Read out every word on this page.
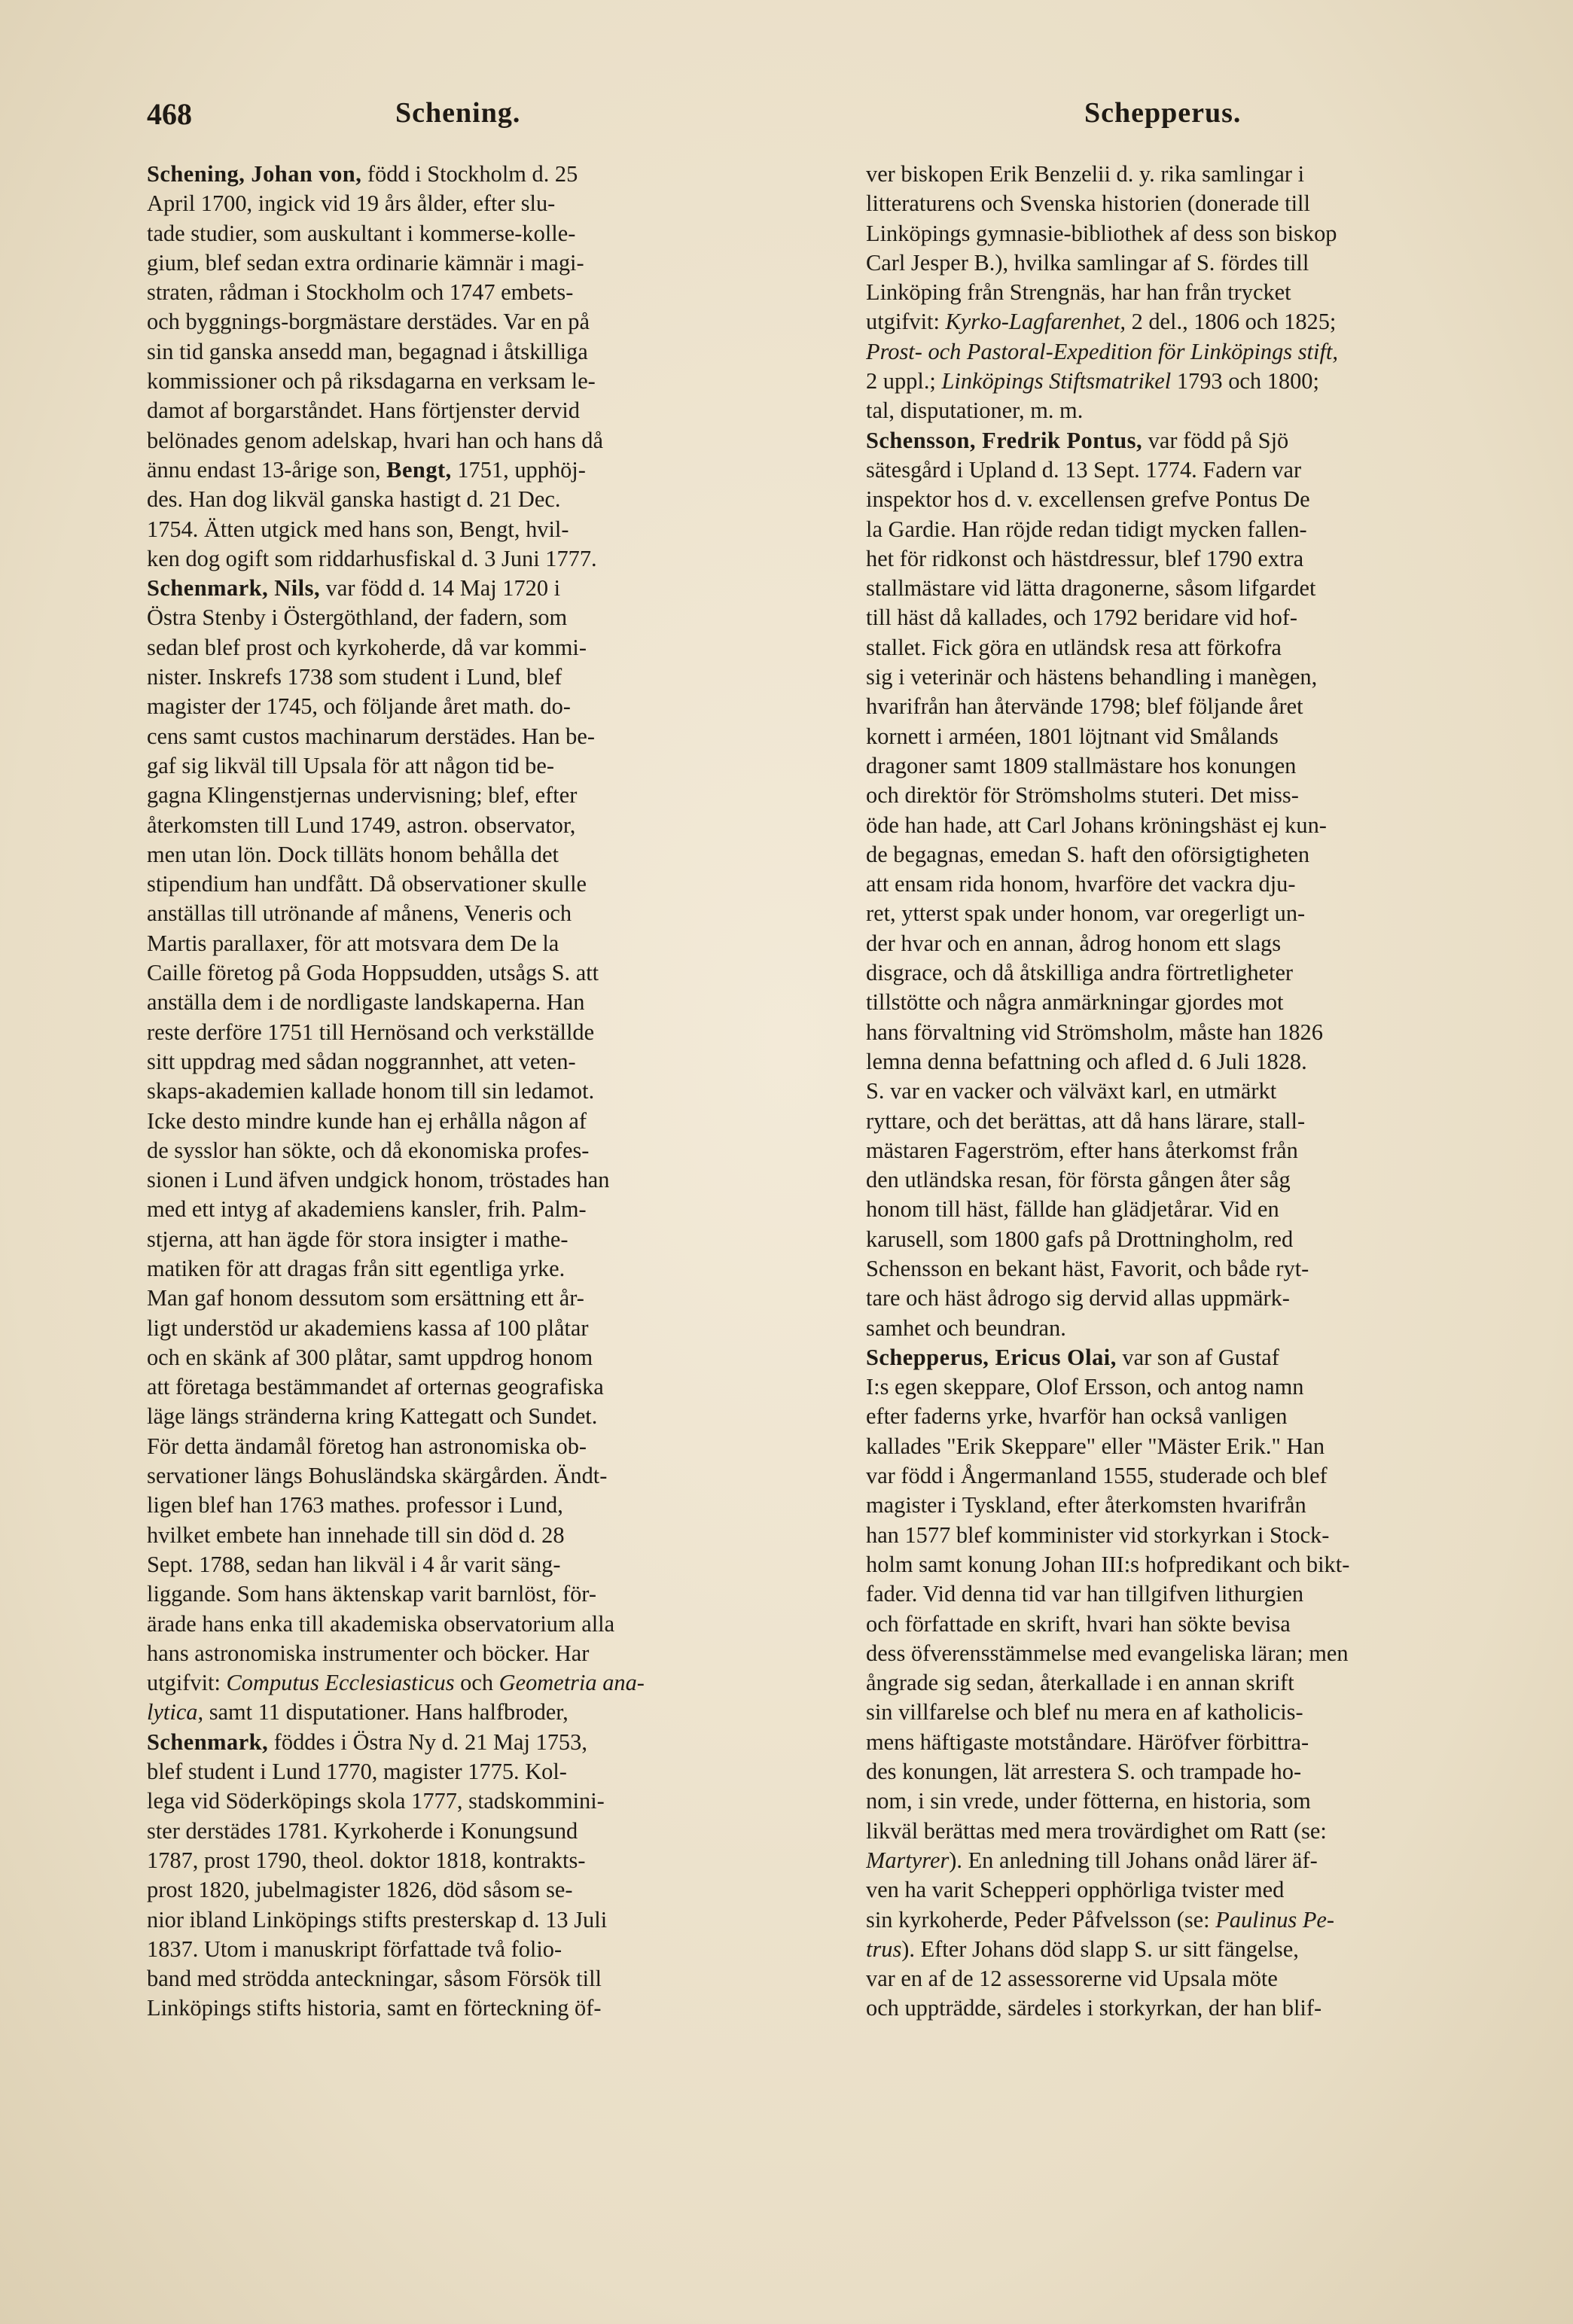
468	Schening.	Schepperus.
Schening, Johan von, född i Stockholm d. 25
April 1700, ingick vid 19 års ålder, efter slu-
tade studier, som auskultant i kommerse-kolle-
gium, blef sedan extra ordinarie kämnär i magi-
straten, rådman i Stockholm och 1747 embets-
och byggnings-borgmästare derstädes. Var en på
sin tid ganska ansedd man, begagnad i åtskilliga
kommissioner och på riksdagarna en verksam le-
damot af borgarståndet. Hans förtjenster dervid
belönades genom adelskap, hvari han och hans då
ännu endast 13-årige son, Bengt, 1751, upphöj-
des. Han dog likväl ganska hastigt d. 21 Dec.
1754. Ätten utgick med hans son, Bengt, hvil-
ken dog ogift som riddarhusfiskal d. 3 Juni 1777.
Schenmark, Nils, var född d. 14 Maj 1720 i
Östra Stenby i Östergöthland, der fadern, som
sedan blef prost och kyrkoherde, då var kommi-
nister. Inskrefs 1738 som student i Lund, blef
magister der 1745, och följande året math. do-
cens samt custos machinarum derstädes. Han be-
gaf sig likväl till Upsala för att någon tid be-
gagna Klingenstjernas undervisning; blef, efter
återkomsten till Lund 1749, astron. observator,
men utan lön. Dock tilläts honom behålla det
stipendium han undfått. Då observationer skulle
anställas till utrönande af månens, Veneris och
Martis parallaxer, för att motsvara dem De la
Caille företog på Goda Hoppsudden, utsågs S. att
anställa dem i de nordligaste landskaperna. Han
reste derföre 1751 till Hernösand och verkställde
sitt uppdrag med sådan noggrannhet, att veten-
skaps-akademien kallade honom till sin ledamot.
Icke desto mindre kunde han ej erhålla någon af
de sysslor han sökte, och då ekonomiska profes-
sionen i Lund äfven undgick honom, tröstades han
med ett intyg af akademiens kansler, frih. Palm-
stjerna, att han ägde för stora insigter i mathe-
matiken för att dragas från sitt egentliga yrke.
Man gaf honom dessutom som ersättning ett år-
ligt understöd ur akademiens kassa af 100 plåtar
och en skänk af 300 plåtar, samt uppdrog honom
att företaga bestämmandet af orternas geografiska
läge längs stränderna kring Kattegatt och Sundet.
För detta ändamål företog han astronomiska ob-
servationer längs Bohusländska skärgården. Ändt-
ligen blef han 1763 mathes. professor i Lund,
hvilket embete han innehade till sin död d. 28
Sept. 1788, sedan han likväl i 4 år varit säng-
liggande. Som hans äktenskap varit barnlöst, för-
ärade hans enka till akademiska observatorium alla
hans astronomiska instrumenter och böcker. Har
utgifvit: Computus Ecclesiasticus och Geometria ana-
lytica, samt 11 disputationer. Hans halfbroder,
Schenmark, föddes i Östra Ny d. 21 Maj 1753,
blef student i Lund 1770, magister 1775. Kol-
lega vid Söderköpings skola 1777, stadskommini-
ster derstädes 1781. Kyrkoherde i Konungsund
1787, prost 1790, theol. doktor 1818, kontrakts-
prost 1820, jubelmagister 1826, död såsom se-
nior ibland Linköpings stifts presterskap d. 13 Juli
1837. Utom i manuskript författade två folio-
band med strödda anteckningar, såsom Försök till
Linköpings stifts historia, samt en förteckning öf-
ver biskopen Erik Benzelii d. y. rika samlingar i
litteraturens och Svenska historien (donerade till
Linköpings gymnasie-bibliothek af dess son biskop
Carl Jesper B.), hvilka samlingar af S. fördes till
Linköping från Strengnäs, har han från trycket
utgifvit: Kyrko-Lagfarenhet, 2 del., 1806 och 1825;
Prost- och Pastoral-Expedition för Linköpings stift,
2 uppl.; Linköpings Stiftsmatrikel 1793 och 1800;
tal, disputationer, m. m.
Schensson, Fredrik Pontus, var född på Sjö
sätesgård i Upland d. 13 Sept. 1774. Fadern var
inspektor hos d. v. excellensen grefve Pontus De
la Gardie. Han röjde redan tidigt mycken fallen-
het för ridkonst och hästdressur, blef 1790 extra
stallmästare vid lätta dragonerne, såsom lifgardet
till häst då kallades, och 1792 beridare vid hof-
stallet. Fick göra en utländsk resa att förkofra
sig i veterinär och hästens behandling i manègen,
hvarifrån han återvände 1798; blef följande året
kornett i arméen, 1801 löjtnant vid Smålands
dragoner samt 1809 stallmästare hos konungen
och direktör för Strömsholms stuteri. Det miss-
öde han hade, att Carl Johans kröningshäst ej kun-
de begagnas, emedan S. haft den oförsigtigheten
att ensam rida honom, hvarföre det vackra dju-
ret, ytterst spak under honom, var oregerligt un-
der hvar och en annan, ådrog honom ett slags
disgrace, och då åtskilliga andra förtretligheter
tillstötte och några anmärkningar gjordes mot
hans förvaltning vid Strömsholm, måste han 1826
lemna denna befattning och afled d. 6 Juli 1828.
S. var en vacker och välväxt karl, en utmärkt
ryttare, och det berättas, att då hans lärare, stall-
mästaren Fagerström, efter hans återkomst från
den utländska resan, för första gången åter såg
honom till häst, fällde han glädjetårar. Vid en
karusell, som 1800 gafs på Drottningholm, red
Schensson en bekant häst, Favorit, och både ryt-
tare och häst ådrogo sig dervid allas uppmärk-
samhet och beundran.
Schepperus, Ericus Olai, var son af Gustaf
I:s egen skeppare, Olof Ersson, och antog namn
efter faderns yrke, hvarför han också vanligen
kallades "Erik Skeppare" eller "Mäster Erik." Han
var född i Ångermanland 1555, studerade och blef
magister i Tyskland, efter återkomsten hvarifrån
han 1577 blef komminister vid storkyrkan i Stock-
holm samt konung Johan III:s hofpredikant och bikt-
fader. Vid denna tid var han tillgifven lithurgien
och författade en skrift, hvari han sökte bevisa
dess öfverensstämmelse med evangeliska läran; men
ångrade sig sedan, återkallade i en annan skrift
sin villfarelse och blef nu mera en af katholicis-
mens häftigaste motståndare. Häröfver förbittra-
des konungen, lät arrestera S. och trampade ho-
nom, i sin vrede, under fötterna, en historia, som
likväl berättas med mera trovärdighet om Ratt (se:
Martyrer). En anledning till Johans onåd lärer äf-
ven ha varit Schepperi opphörliga tvister med
sin kyrkoherde, Peder Påfvelsson (se: Paulinus Pe-
trus). Efter Johans död slapp S. ur sitt fängelse,
var en af de 12 assessorerne vid Upsala möte
och uppträdde, särdeles i storkyrkan, der han blif-
